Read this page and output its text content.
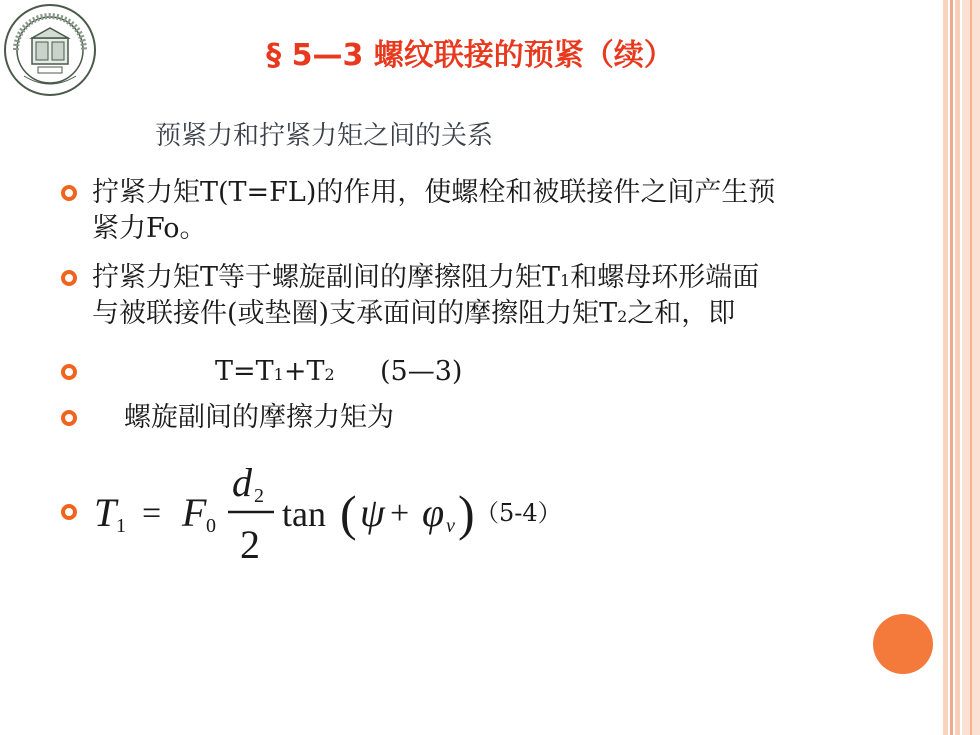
§ 5—3 螺纹联接的预紧（续）
预紧力和拧紧力矩之间的关系
拧紧力矩T(T=FL)的作用，使螺栓和被联接件之间产生预
紧力Fo。
拧紧力矩T等于螺旋副间的摩擦阻力矩T1和螺母环形端面
与被联接件(或垫圈)支承面间的摩擦阻力矩T2之和，即
T=T1+T2 (5—3)
螺旋副间的摩擦力矩为
T 1 = F 0
d 2
2
tan ( ψ + φ v ) （5-4）
